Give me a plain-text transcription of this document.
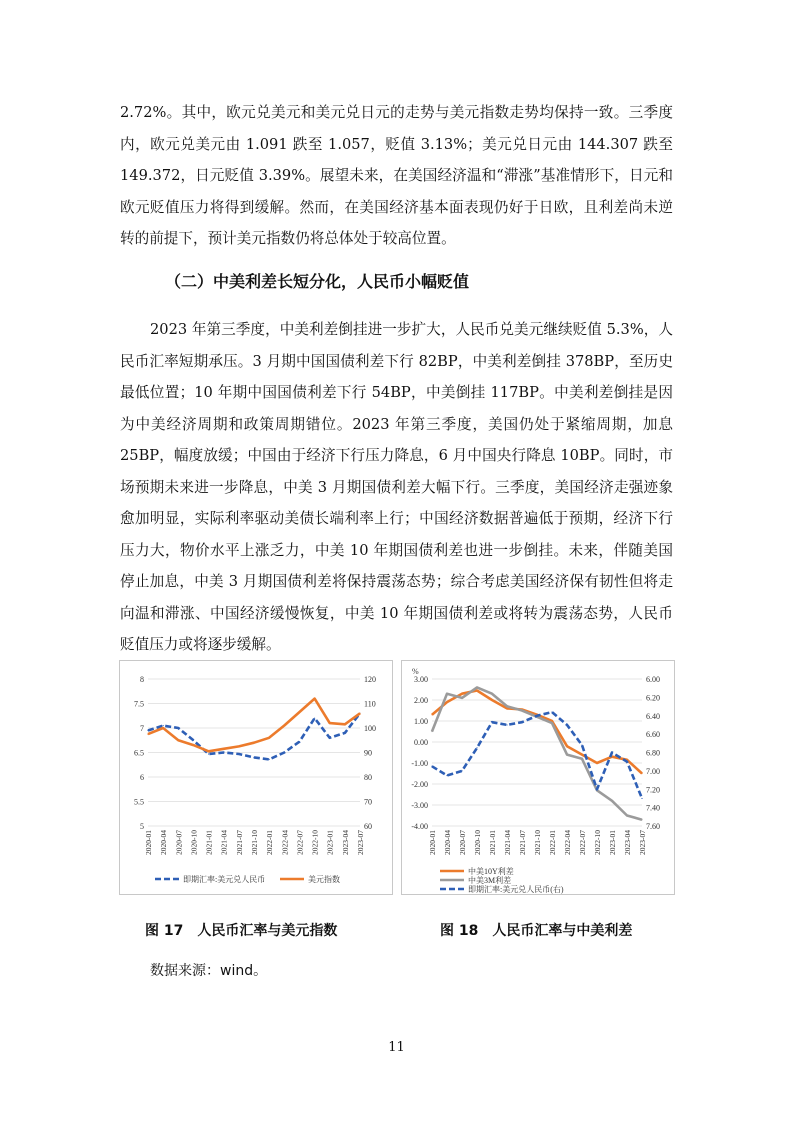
2.72%。其中，欧元兑美元和美元兑日元的走势与美元指数走势均保持一致。三季度内，欧元兑美元由 1.091 跌至 1.057，贬值 3.13%；美元兑日元由 144.307 跌至 149.372，日元贬值 3.39%。展望未来，在美国经济温和“滞涨”基准情形下，日元和欧元贬值压力将得到缓解。然而，在美国经济基本面表现仍好于日欧，且利差尚未逆转的前提下，预计美元指数仍将总体处于较高位置。

（二）中美利差长短分化，人民币小幅贬值

2023 年第三季度，中美利差倒挂进一步扩大，人民币兑美元继续贬值 5.3%，人民币汇率短期承压。3 月期中国国债利差下行 82BP，中美利差倒挂 378BP，至历史最低位置；10 年期中国国债利差下行 54BP，中美倒挂 117BP。中美利差倒挂是因为中美经济周期和政策周期错位。2023 年第三季度，美国仍处于紧缩周期，加息 25BP，幅度放缓；中国由于经济下行压力降息，6 月中国央行降息 10BP。同时，市场预期未来进一步降息，中美 3 月期国债利差大幅下行。三季度，美国经济走强迹象愈加明显，实际利率驱动美债长端利率上行；中国经济数据普遍低于预期，经济下行压力大，物价水平上涨乏力，中美 10 年期国债利差也进一步倒挂。未来，伴随美国停止加息，中美 3 月期国债利差将保持震荡态势；综合考虑美国经济保有韧性但将走向温和滞涨、中国经济缓慢恢复，中美 10 年期国债利差或将转为震荡态势，人民币贬值压力或将逐步缓解。

8
7.5
7
6.5
6
5.5
5
120
110
100
90
80
70
60
2020-01 2020-04 2020-07 2020-10 2021-01 2021-04 2021-07 2021-10 2022-01 2022-04 2022-07 2022-10 2023-01 2023-04 2023-07
即期汇率:美元兑人民币	美元指数
3.00
2.00
1.00
0.00
-1.00
-2.00
-3.00
-4.00
6.00
6.20
6.40
6.60
6.80
7.00
7.20
7.40
7.60
2020-01 2020-04 2020-07 2020-10 2021-01 2021-04 2021-07 2021-10 2022-01 2022-04 2022-07 2022-10 2023-01 2023-04 2023-07
%
中美10Y利差
中美3M利差
即期汇率:美元兑人民币(右)
图 17　人民币汇率与美元指数	图 18　人民币汇率与中美利差
数据来源：wind。
11
